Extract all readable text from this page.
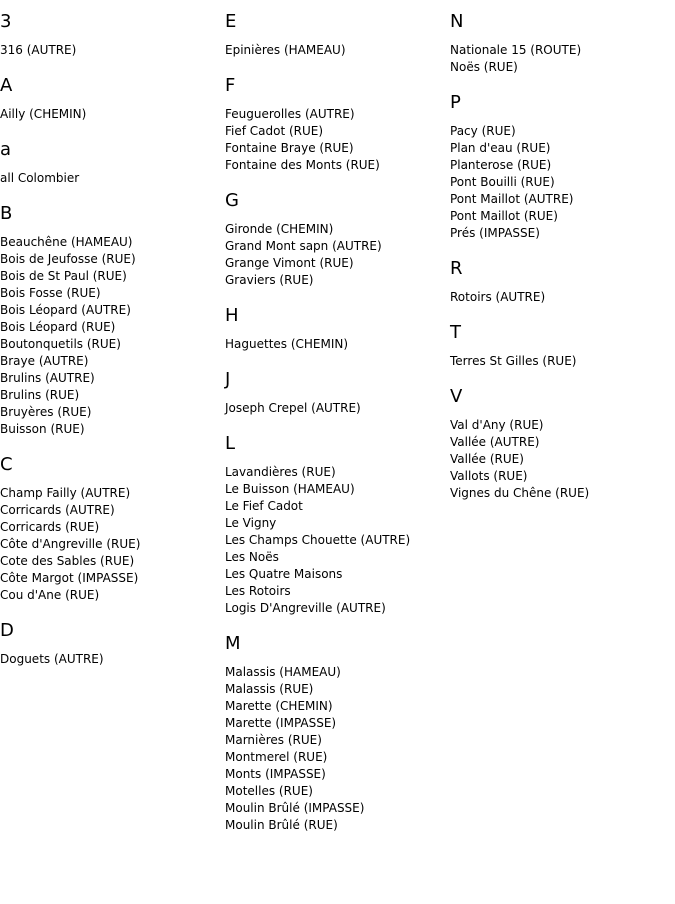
3
316 (AUTRE)
A
Ailly (CHEMIN)
a
all Colombier
B
Beauchêne (HAMEAU)
Bois de Jeufosse (RUE)
Bois de St Paul (RUE)
Bois Fosse (RUE)
Bois Léopard (AUTRE)
Bois Léopard (RUE)
Boutonquetils (RUE)
Braye (AUTRE)
Brulins (AUTRE)
Brulins (RUE)
Bruyères (RUE)
Buisson (RUE)
C
Champ Failly (AUTRE)
Corricards (AUTRE)
Corricards (RUE)
Côte d'Angreville (RUE)
Cote des Sables (RUE)
Côte Margot (IMPASSE)
Cou d'Ane (RUE)
D
Doguets (AUTRE)
E
Epinières (HAMEAU)
F
Feuguerolles (AUTRE)
Fief Cadot (RUE)
Fontaine Braye (RUE)
Fontaine des Monts (RUE)
G
Gironde (CHEMIN)
Grand Mont sapn (AUTRE)
Grange Vimont (RUE)
Graviers (RUE)
H
Haguettes (CHEMIN)
J
Joseph Crepel (AUTRE)
L
Lavandières (RUE)
Le Buisson (HAMEAU)
Le Fief Cadot
Le Vigny
Les Champs Chouette (AUTRE)
Les Noës
Les Quatre Maisons
Les Rotoirs
Logis D'Angreville (AUTRE)
M
Malassis (HAMEAU)
Malassis (RUE)
Marette (CHEMIN)
Marette (IMPASSE)
Marnières (RUE)
Montmerel (RUE)
Monts (IMPASSE)
Motelles (RUE)
Moulin Brûlé (IMPASSE)
Moulin Brûlé (RUE)
N
Nationale 15 (ROUTE)
Noës (RUE)
P
Pacy (RUE)
Plan d'eau (RUE)
Planterose (RUE)
Pont Bouilli (RUE)
Pont Maillot (AUTRE)
Pont Maillot (RUE)
Prés (IMPASSE)
R
Rotoirs (AUTRE)
T
Terres St Gilles (RUE)
V
Val d'Any (RUE)
Vallée (AUTRE)
Vallée (RUE)
Vallots (RUE)
Vignes du Chêne (RUE)
